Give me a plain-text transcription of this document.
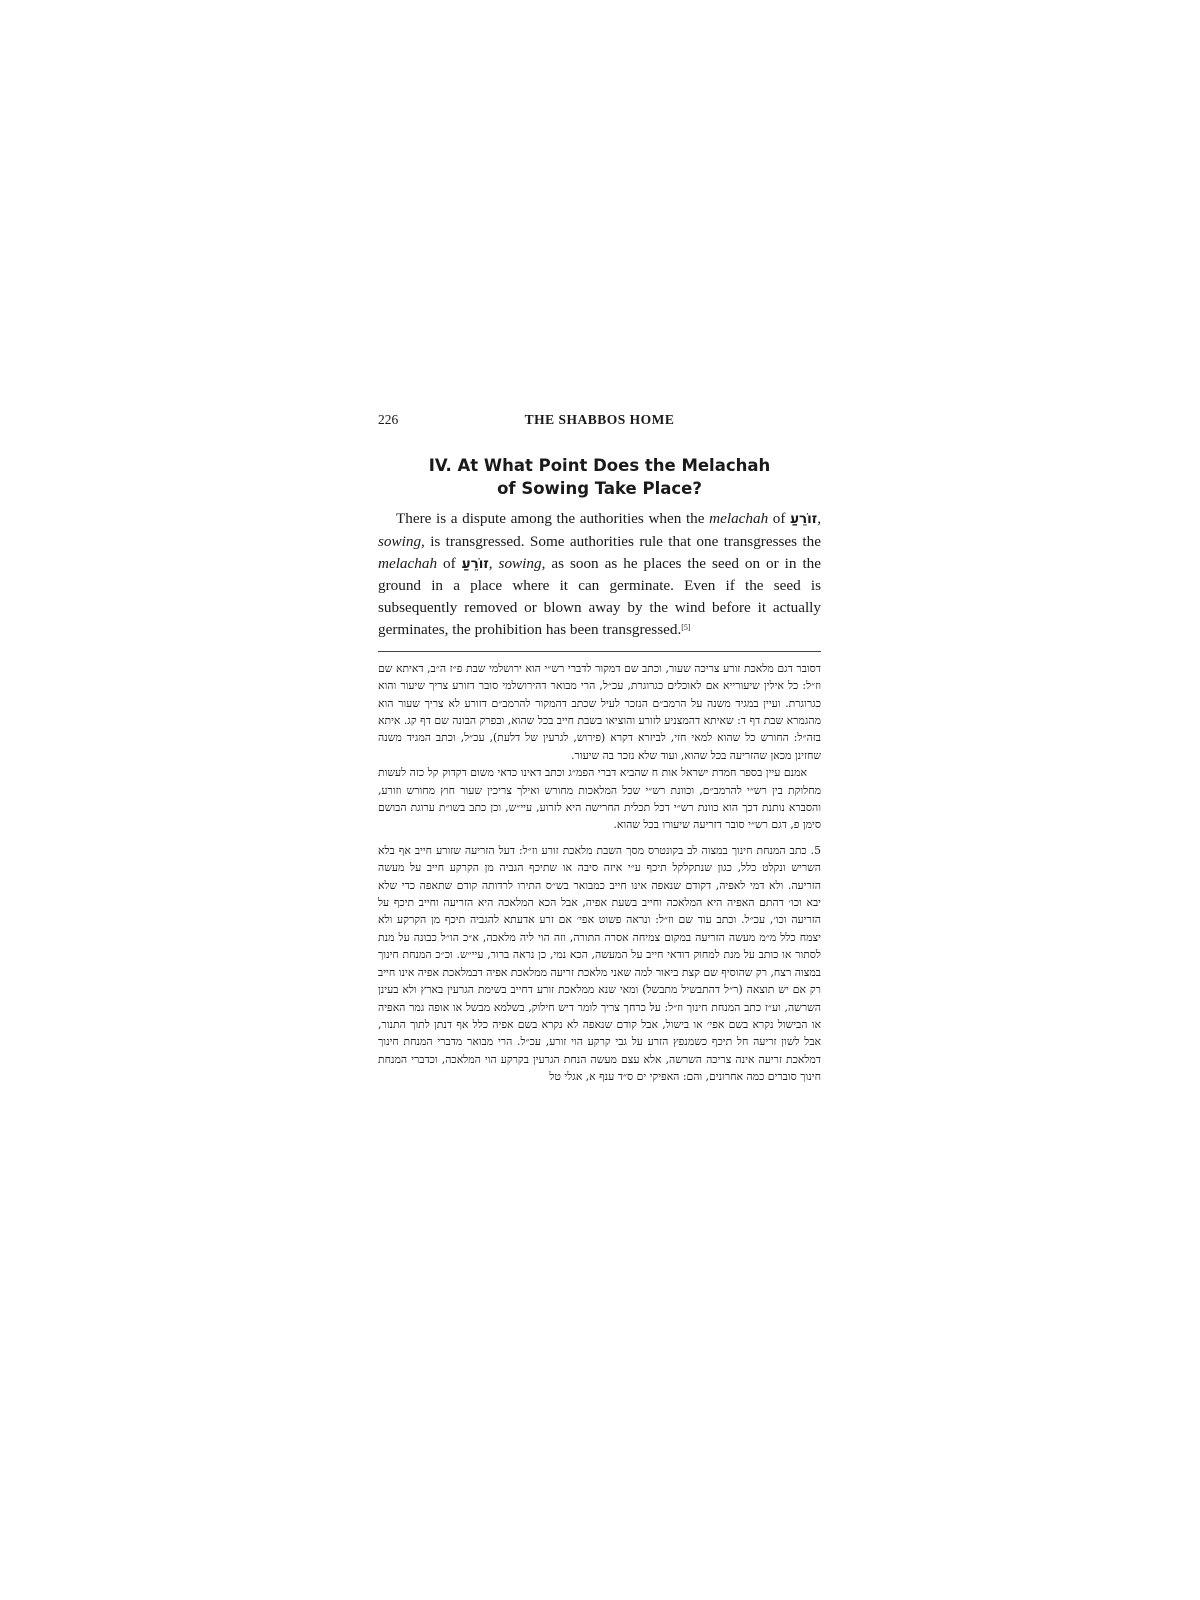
226	THE SHABBOS HOME
IV. At What Point Does the Melachah
of Sowing Take Place?

There is a dispute among the authorities when the melachah of זוֹרֵעַ, sowing, is transgressed. Some authorities rule that one transgresses the melachah of זוֹרֵעַ, sowing, as soon as he places the seed on or in the ground in a place where it can germinate. Even if the seed is subsequently removed or blown away by the wind before it actually germinates, the prohibition has been transgressed.[5]

דסובר דגם מלאכת זורע צריכה שעור, וכתב שם דמקור לדברי רש״י הוא ירושלמי שבת פ״ז ה״ב, דאיתא שם וז״ל: כל אילין שיעורייא אם לאוכלים כגרוגרת, עכ״ל, הרי מבואר דהירושלמי סובר דזורע צריך שיעור והוא כגרוגרת. ועיין במגיד משנה על הרמב״ם הנזכר לעיל שכתב דהמקור להרמב״ם דזורע לא צריך שעור הוא מהגמרא שבת דף ד: שאיתא דהמצניע לזורע והוציאו בשבת חייב בכל שהוא, ובפרק הבונה שם דף קג. איתא בזה״ל: החורש כל שהוא למאי חזי, לביזרא דקרא (פירוש, לגרעין של דלעת), עכ״ל, וכתב המגיד משנה שחזינן מכאן שהזריעה בכל שהוא, ועוד שלא נזכר בה שיעור.

אמנם עיין בספר חמדת ישראל אות ח שהביא דברי הפמ״ג וכתב דאינו כדאי משום דקדוק קל כזה לעשות מחלוקת בין רש״י להרמב״ם, וכוונת רש״י שכל המלאכות מחורש ואילך צריכין שעור חוץ מחורש וזורע, והסברא נותנת דכך הוא כוונת רש״י דכל תכלית החרישה היא לזרוע, עיי״ש, וכן כתב בשו״ת ערוגת הבושם סימן פ, דגם רש״י סובר דזריעה שיעורו בכל שהוא.

5. כתב המנחת חינוך במצוה לב בקונטרס מסך השבת מלאכת זורע וז״ל: דעל הזריעה שזורע חייב אף בלא השריש ונקלט כלל, כגון שנתקלקל תיכף ע״י איזה סיבה או שתיכף הגביה מן הקרקע חייב על מעשה הזריעה. ולא דמי לאפיה, דקודם שנאפה אינו חייב כמבואר בש״ס התירו לרדותה קודם שתאפה כדי שלא יבא וכו׳ דהתם האפיה היא המלאכה וחייב בשעת אפיה, אבל הכא המלאכה היא הזריעה וחייב תיכף על הזריעה וכו׳, עכ״ל. וכתב עוד שם וז״ל: ונראה פשוט אפי׳ אם זרע אדעתא להגביה תיכף מן הקרקע ולא יצמח כלל מ״מ מעשה הזריעה במקום צמיחה אסרה התורה, וזה הוי ליה מלאכה, א״כ הו״ל כבונה על מנת לסתור או כותב על מנת למחוק דודאי חייב על המעשה, הכא נמי, כן נראה ברור, עיי״ש. וכ״כ המנחת חינוך במצוה רצח, רק שהוסיף שם קצת ביאור למה שאני מלאכת זריעה ממלאכת אפיה דבמלאכת אפיה אינו חייב רק אם יש תוצאה (ר״ל דהתבשיל מתבשל) ומאי שנא ממלאכת זורע דחייב בשימת הגרעין בארץ ולא בעינן השרשה, וע״ז כתב המנחת חינוך וז״ל: על כרחך צריך לומר דיש חילוק, בשלמא מבשל או אופה גמר האפיה או הבישול נקרא בשם אפי׳ או בישול, אבל קודם שנאפה לא נקרא בשם אפיה כלל אף דנתן לתוך התנור, אבל לשון זריעה חל תיכף כשמנפץ הזרע על גבי קרקע הוי זורע, עכ״ל. הרי מבואר מדברי המנחת חינוך דמלאכת זריעה אינה צריכה השרשה, אלא עצם מעשה הנחת הגרעין בקרקע הוי המלאכה, וכדברי המנחת חינוך סוברים כמה אחרונים, והם: האפיקי ים ס״ד ענף א, אגלי טל
